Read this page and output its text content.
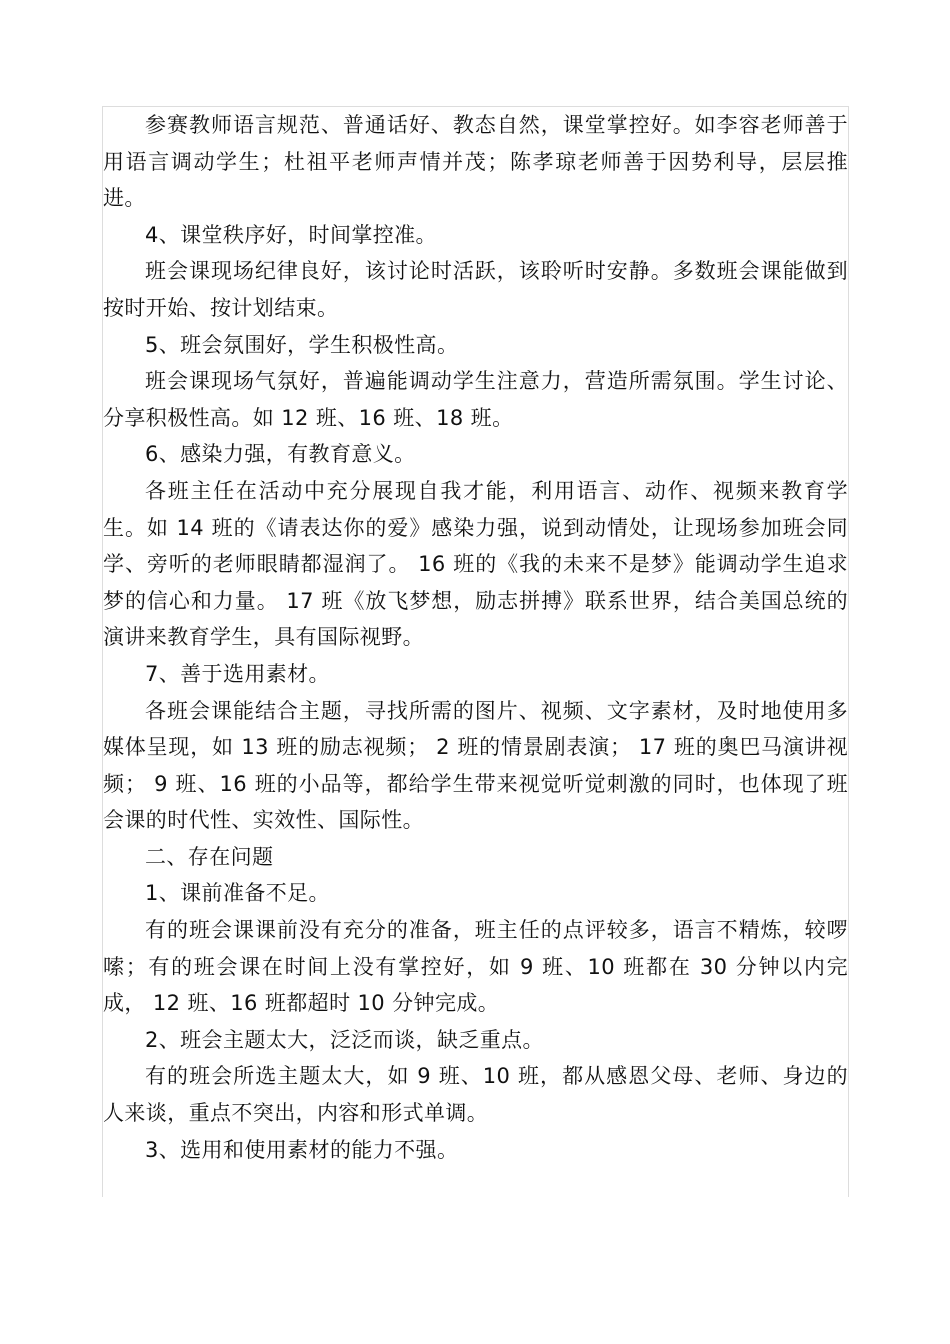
参赛教师语言规范、普通话好、教态自然，课堂掌控好。如李容老师善于用语言调动学生；杜祖平老师声情并茂；陈孝琼老师善于因势利导，层层推进。

4、课堂秩序好，时间掌控准。

班会课现场纪律良好，该讨论时活跃，该聆听时安静。多数班会课能做到按时开始、按计划结束。

5、班会氛围好，学生积极性高。

班会课现场气氛好，普遍能调动学生注意力，营造所需氛围。学生讨论、分享积极性高。如 12 班、16 班、18 班。

6、感染力强，有教育意义。

各班主任在活动中充分展现自我才能，利用语言、动作、视频来教育学生。如 14 班的《请表达你的爱》感染力强，说到动情处，让现场参加班会同学、旁听的老师眼睛都湿润了。 16 班的《我的未来不是梦》能调动学生追求梦的信心和力量。 17 班《放飞梦想，励志拼搏》联系世界，结合美国总统的演讲来教育学生，具有国际视野。

7、善于选用素材。

各班会课能结合主题，寻找所需的图片、视频、文字素材，及时地使用多媒体呈现，如 13 班的励志视频； 2 班的情景剧表演； 17 班的奥巴马演讲视频； 9 班、16 班的小品等，都给学生带来视觉听觉刺激的同时，也体现了班会课的时代性、实效性、国际性。

二、存在问题

1、课前准备不足。

有的班会课课前没有充分的准备，班主任的点评较多，语言不精炼，较啰嗦；有的班会课在时间上没有掌控好，如 9 班、10 班都在 30 分钟以内完成， 12 班、16 班都超时 10 分钟完成。

2、班会主题太大，泛泛而谈，缺乏重点。

有的班会所选主题太大，如 9 班、10 班，都从感恩父母、老师、身边的人来谈，重点不突出，内容和形式单调。

3、选用和使用素材的能力不强。
